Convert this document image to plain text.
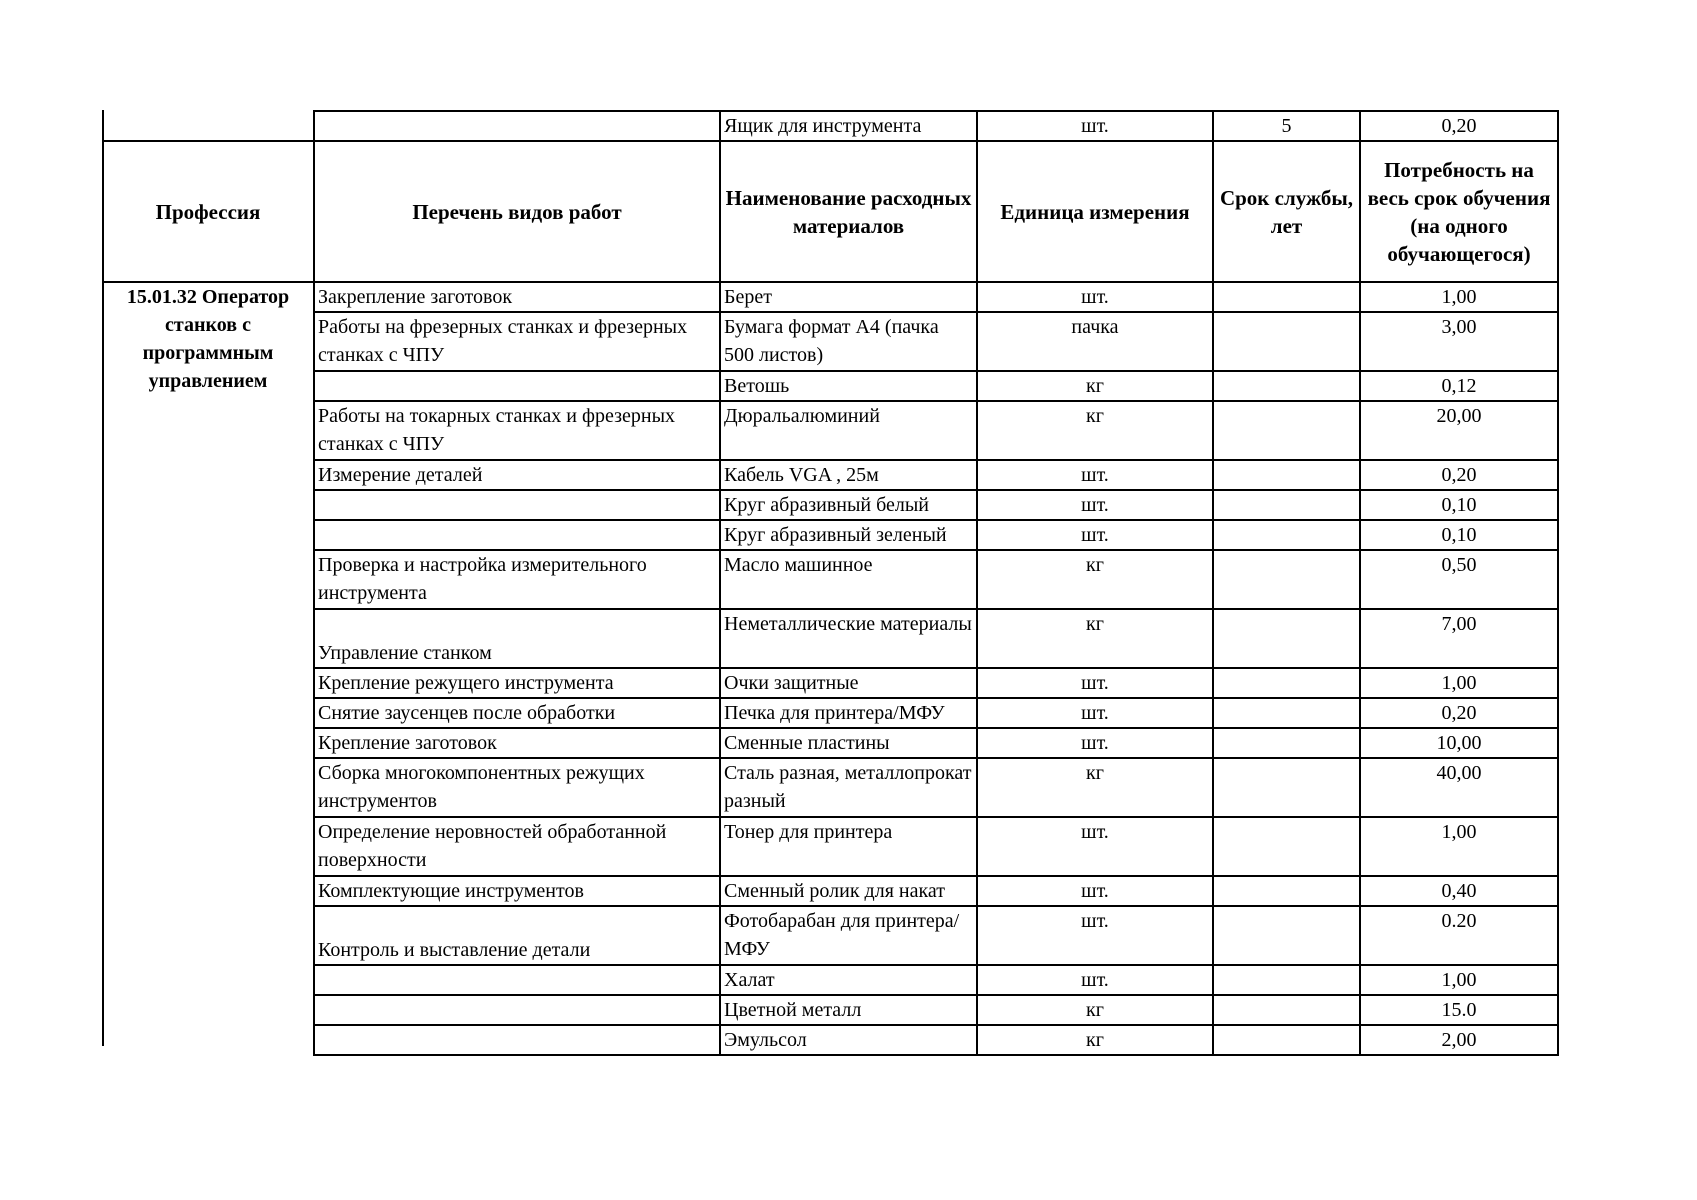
		Ящик для инструмента	шт.	5	0,20
Профессия	Перечень видов работ	Наименование расходных материалов	Единица измерения	Срок службы, лет	Потребность на весь срок обучения (на одного обучающегося)
15.01.32 Оператор станков с программным управлением	Закрепление заготовок	Берет	шт.		1,00
	Работы на фрезерных станках и фрезерных станках с ЧПУ	Бумага формат А4 (пачка 500 листов)	пачка		3,00
		Ветошь	кг		0,12
	Работы на токарных станках и фрезерных станках с ЧПУ	Дюральалюминий	кг		20,00
	Измерение деталей	Кабель VGA , 25м	шт.		0,20
		Круг абразивный белый	шт.		0,10
		Круг абразивный зеленый	шт.		0,10
	Проверка и настройка измерительного инструмента	Масло машинное	кг		0,50
	Управление станком	Неметаллические материалы	кг		7,00
	Крепление режущего инструмента	Очки защитные	шт.		1,00
	Снятие заусенцев после обработки	Печка для принтера/МФУ	шт.		0,20
	Крепление заготовок	Сменные пластины	шт.		10,00
	Сборка многокомпонентных режущих инструментов	Сталь разная, металлопрокат разный	кг		40,00
	Определение неровностей обработанной поверхности	Тонер для принтера	шт.		1,00
	Комплектующие инструментов	Сменный ролик для накат	шт.		0,40
	Контроль и выставление детали	Фотобарабан для принтера/ МФУ	шт.		0.20
		Халат	шт.		1,00
		Цветной металл	кг		15.0
		Эмульсол	кг		2,00
